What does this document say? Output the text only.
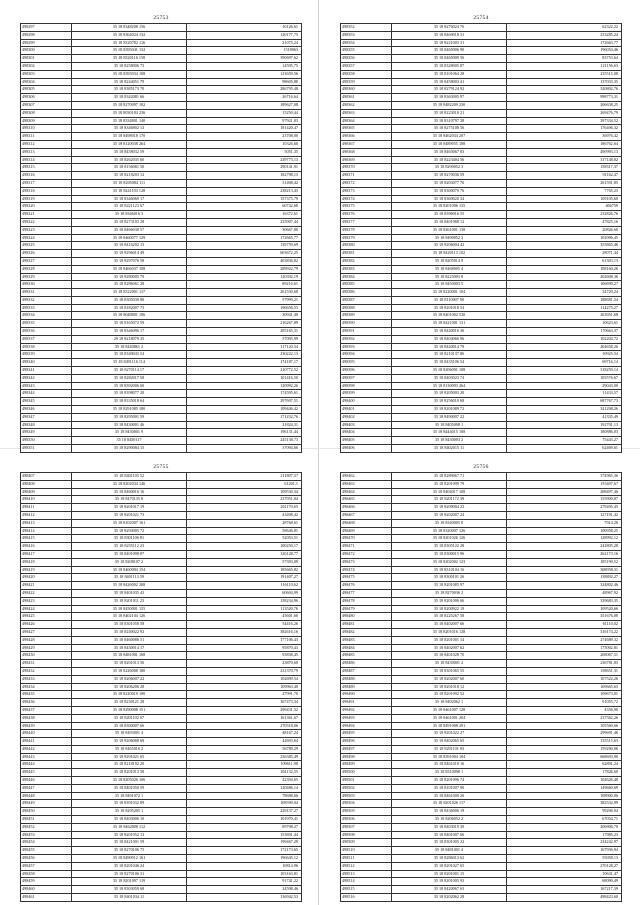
25753
498297	35 18 8348208 156	10126,61
498298	35 18 8364024 132	120177,75
498299	35 18 8320782 116	21075,24
498300	35 18 8395041 132	1518063
498301	35 18 8320116 158	390697,62
498302	35 18 8258006 73	14595,75
498303	35 18 8393034 108	123659,56
498304	35 18 8244051 79	98605,88
498305	35 18 8385173 70	286795,48
498306	35 18 8342081 66	26716,64
498307	35 18 8270097 102	189627,08
498308	35 18 8030184 236	15250,44
498309	35 18 8334801 140	97921,03
498310	35 18 8346802 13	181420,47
498311	35 18 8498018 170	23708,00
498312	35 18 8120038 264	10326,60
498313	35 18 8458032 59	5051,35
498314	35 18 8262035 60	239773,13
498315	35 18 8156081 50	290141,91
498316	35 18 8218203 12	182798,13
498317	35 18 8205084 111	31408,42
498318	35 18 8241103 128	238213,43
498319	35 18 8346069 17	157375,79
498320	35 18 8221123 67	60742,68
498321	35 18 8346016 3	16372,61
498322	35 18 8273103 28	235907,44
498323	35 18 8466030 57	30667,80
498324	35 18 8460077 129	172665,77
498325	35 18 8416202 13	139759,69
498326	35 18 8296014 49	603672,25
498327	35 18 8297076 58	403836,82
498328	35 18 8466037 108	289922,79
498329	35 18 8280005 79	120392,19
498330	35 18 8286061 28	89216,61
498331	35 18 8322001 117	261530,68
498332	35 18 8305030 80	57999,21
498333	35 18 8182007 73	196656,53
498334	35 18 8048801 106	30941,40
498335	35 18 8165072 59	216267,89
498336	35 18 8346096 17	205165,31
498337	29 18 8218079 35	57095,99
498338	35 18 8440861 2	117120,34
498339	35 18 8349043 54	230222,13
498340	35 18 8491116 114	174187,17
498341	35 18 8270114 17	210772,52
498342	35 18 8282017 58	101416,50
498343	35 18 8392006 60	120992,26
498344	35 18 8398077 20	174595,61
498345	35 18 8335018 64	297697,51
498346	35 18 8291085 180	109446,42
498347	35 18 8295001 59	171232,76
498348	35 18 8430001 46	21824,31
498349	35 18 8430001 9	196131,44
498350	35 18 8450117	245138,73
498351	35 18 8290084 15	37094,66
25754
498352	35 18 8276024 76	62322,22
498353	35 18 8469018 31	233285,24
498354	35 18 8221003 31	172663,77
498355	35 18 8465006 90	196054,46
498356	35 18 8465009 56	83753,64
498357	35 18 8328005 87	121156,63
498358	35 18 8101064 28	235515,08
498359	35 18 8458003 41	137033,35
498360	35 18 8279124 92	320802,76
498361	35 18 8363005 97	998773,31
498362	35 18 8482209 230	206638,25
498363	35 18 8223010 21	269476,79
498364	35 18 8310797 28	397334,52
498365	35 18 8275108 56	176406,32
498366	35 18 8462034 207	36976,42
498367	35 18 8489055 108	186762,64
498368	35 18 8463067 83	490993,13
498369	35 18 8223404 56	317148,82
498370	35 18 8290052 3	158317,37
498371	35 18 8270036 59	91162,47
498372	35 18 8203077 76	261591,85
498373	35 18 8300070 76	7765,23
498374	35 18 8369020 34	109105,60
498375	35 18 8201006 135	466759
498376	35 18 8396016 55	232826,76
498377	35 18 8401968 12	47825,16
498378	35 18 8261001 138	20826,60
498379	35 18 8490052 3	102906,45
498380	35 18 8206004 42	355865,46
498381	35 18 8420113 102	28071,44
498382	35 18 8205014 9	61303,13
498383	35 18 8468005 4	108160,26
498384	35 18 8225003 8	202608,36
498385	35 18 8450003 5	106699,27
498386	35 18 8220001 104	34720,24
498387	35 18 8110007 90	188681,54
498388	35 18 8201018 54	114275,27
498389	35 18 8401002 530	263951,68
498390	35 18 8421001 131	10623,61
498391	35 18 8440016 30	170663,37
498392	35 18 8404066 96	102204,72
498393	35 18 8440014 79	204658,26
498394	35 18 8210137 86	10925,54
498395	35 18 8435106 54	69716,14
498396	35 18 8206001 108	318259,14
498397	35 18 8403023 74	105576,67
498398	35 18 8130093 264	29043,00
498399	35 18 8205003 20	11433,37
498400	35 18 8256010 68	687767,73
498401	35 18 8201089 72	321208,26
498402	35 18 8490007 22	41335,49
498403	35 18 8405008 1	192701,13
498404	35 18 8444015 108	180886,03
498405	35 18 8430003 2	75443,27
498406	35 18 8402015 11	62469,61
25755
498407	35 18 8401103 52	211807,37
498408	35 18 8202034 146	61201,1
498409	35 18 8460016 16	109530,34
498410	35 18 8470135 8	237951,04
498411	35 18 8201017 19	261170,65
498412	35 18 8201021 73	43408,42
498413	35 18 8102007 161	28768,61
498414	35 18 8294005 72	58646,81
498415	35 18 8301106 81	52053,51
498416	35 18 8235112 23	100250,17
498417	35 18 8401098 87	120128,77
498418	35 18 8208107 2	57393,09
498419	35 18 8460094 154	185665,82
498420	35 18 8401113 59	191407,27
498421	35 18 8426002 208	116110,62
498422	35 18 8401035 43	60604,99
498423	35 18 8201011 23	158234,96
498424	35 18 8450001 155	113520,76
498425	35 18 8402104 126	45601,60
498426	35 18 8301058 58	54416,26
498427	35 18 8240022 92	382616,16
498428	35 18 8460086 51	177106,43
498429	35 18 8430014 17	95870,43
498430	35 18 8481001 168	93838,45
498431	35 18 8201013 56	23870,60
498432	35 18 8226008 180	231370,79
498433	35 18 8206007 22	102699,54
498434	35 18 8206206 28	109963,40
498435	35 18 8220019 100	27991,70
498436	35 18 8230121 28	167473,34
498437	35 18 8290008 151	299431,32
498438	35 18 8201102 67	161361,67
498439	35 18 8300007 66	270318,06
498440	35 18 8493001 4	48167,24
498441	35 18 8206068 69	42693,64
498442	35 18 8465016 2	56789,29
498443	35 18 8291021 65	236385,49
498444	35 18 8218192 20	109611,98
498445	35 18 8201013 58	104132,55
498446	35 18 8205026 106	42394,65
498447	35 18 8401050 59	120486,14
498448	35 18 8491072 1	78698,66
498449	35 18 8391032 89	108599,04
498450	35 18 8295205 1	229137,27
498451	35 18 8403006 10	101970,41
498452	35 18 8462008 112	89798,27
498453	35 18 8201052 13	153691,44
498454	35 18 8421001 59	199467,29
498455	35 18 8270106 75	172173,65
498456	35 18 8490912 161	196645,12
498457	35 18 8201046 24	10814,96
498458	35 18 8270106 31	103163,81
498459	35 18 8201097 119	91741,22
498460	35 18 8303059 68	24598,46
498461	35 18 8401034 11	136942,53
25756
498462	35 18 8289067 71	374965,36
498463	35 18 8201099 79	155407,67
498464	35 18 8404017 108	208497,46
498465	35 18 8201172 39	155900,87
498466	35 18 8209004 23	279495,45
498467	35 18 8202007 24	127191,42
498468	35 18 8340005 8	7914,26
498469	35 18 8320007 126	100958,25
498470	35 18 8201026 126	128992,12
498471	35 18 8305122 28	242805,28
498472	35 18 8300015 96	262173,16
498473	35 18 8202002 123	185190,52
498474	35 18 8310104 16	308958,31
498475	35 18 8300101 26	138892,27
498476	35 18 8201085 97	324802,46
498477	35 18 8270036 2	48967,92
498478	35 18 8201006 66	339683,35
498479	35 18 8200922 19	109520,66
498480	35 18 8225267 58	351676,08
498481	35 18 8402007 66	61110,02
498482	35 18 8201016 128	316174,22
498483	35 18 8201001 14	274689,32
498484	35 18 8402007 62	175002,81
498485	35 18 8401028 70	208067,51
498486	35 18 8430001 2	236781,83
498487	35 18 8301065 55	158651,31
498488	35 18 8202007 60	107522,26
498489	35 18 8201018 12	169665,63
498490	35 18 8201092 52	109673,01
498491	35 18 8402062 1	91055,72
498492	35 18 8461007 128	4356,90
498493	35 18 8461001 204	237562,26
498494	35 18 8491008 291	105560,66
498495	35 18 8201022 27	299691,46
498496	35 18 8402065 65	135515,63
498497	35 18 8291101 93	159290,06
498498	35 18 8391004 104	668693,90
498499	35 18 8461018 16	62891,24
498500	35 18 8310098 1	17826,60
498501	35 18 8201096 74	104626,48
498502	35 18 8101007 90	149660,69
498503	35 18 8461000 26	108900,06
498504	35 18 8201026 117	382532,99
498505	35 18 8436006 19	99206,04
498506	35 18 8206052 2	67054,71
498507	35 18 8403019 30	206906,70
498508	35 18 8401007 66	17985,23
498509	35 18 8301005 22	234242,97
498510	35 18 8481001 4	167936,94
498511	35 18 8286013 62	55058,13
498512	35 18 8201027 65	270128,27
498513	35 18 8201001 15	10631,47
498514	35 18 8201005 93	68090,49
498515	35 18 8420067 63	167217,39
498516	35 18 8202062 28	498423,60
